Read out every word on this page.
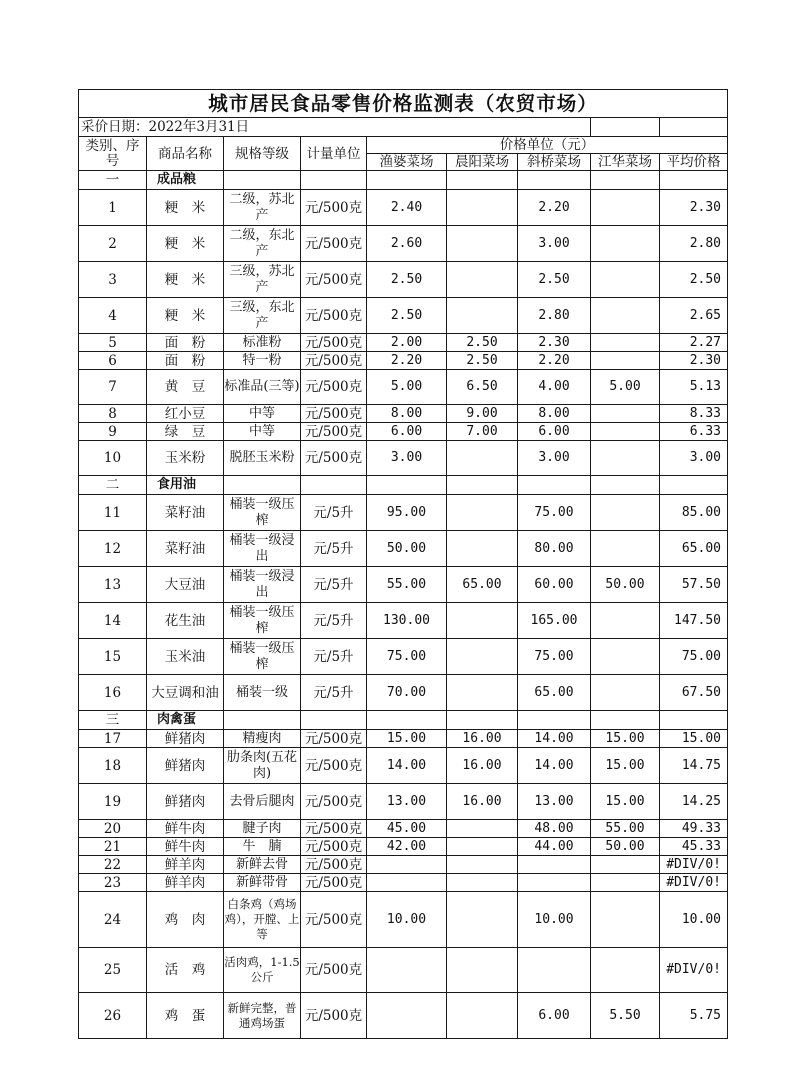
城市居民食品零售价格监测表（农贸市场）								
采价日期：2022年3月31日								
类别、序号	商品名称	规格等级	计量单位	价格单位（元）				
				渔婆菜场	晨阳菜场	斜桥菜场	江华菜场	平均价格
一	成品粮							
1	粳　米	二级，苏北产	元/500克	2.40		2.20		2.30
2	粳　米	二级，东北产	元/500克	2.60		3.00		2.80
3	粳　米	三级，苏北产	元/500克	2.50		2.50		2.50
4	粳　米	三级，东北产	元/500克	2.50		2.80		2.65
5	面　粉	标准粉	元/500克	2.00	2.50	2.30		2.27
6	面　粉	特一粉	元/500克	2.20	2.50	2.20		2.30
7	黄　豆	标准品(三等)	元/500克	5.00	6.50	4.00	5.00	5.13
8	红小豆	中等	元/500克	8.00	9.00	8.00		8.33
9	绿　豆	中等	元/500克	6.00	7.00	6.00		6.33
10	玉米粉	脱胚玉米粉	元/500克	3.00		3.00		3.00
二	食用油							
11	菜籽油	桶装一级压榨	元/5升	95.00		75.00		85.00
12	菜籽油	桶装一级浸出	元/5升	50.00		80.00		65.00
13	大豆油	桶装一级浸出	元/5升	55.00	65.00	60.00	50.00	57.50
14	花生油	桶装一级压榨	元/5升	130.00		165.00		147.50
15	玉米油	桶装一级压榨	元/5升	75.00		75.00		75.00
16	大豆调和油	桶装一级	元/5升	70.00		65.00		67.50
三	肉禽蛋							
17	鲜猪肉	精瘦肉	元/500克	15.00	16.00	14.00	15.00	15.00
18	鲜猪肉	肋条肉(五花肉)	元/500克	14.00	16.00	14.00	15.00	14.75
19	鲜猪肉	去骨后腿肉	元/500克	13.00	16.00	13.00	15.00	14.25
20	鲜牛肉	腱子肉	元/500克	45.00		48.00	55.00	49.33
21	鲜牛肉	牛　腩	元/500克	42.00		44.00	50.00	45.33
22	鲜羊肉	新鲜去骨	元/500克					#DIV/0!
23	鲜羊肉	新鲜带骨	元/500克					#DIV/0!
24	鸡　肉	白条鸡（鸡场鸡），开膛、上等	元/500克	10.00		10.00		10.00
25	活　鸡	活肉鸡，1-1.5公斤	元/500克					#DIV/0!
26	鸡　蛋	新鲜完整，普通鸡场蛋	元/500克			6.00	5.50	5.75
